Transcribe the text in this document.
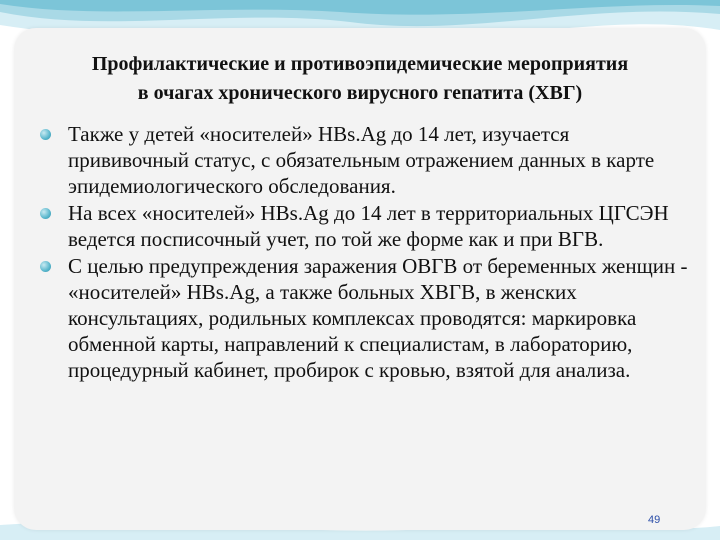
Профилактические и противоэпидемические мероприятия
в очагах хронического вирусного гепатита (ХВГ)
Также у детей «носителей» HBs.Ag до 14 лет, изучается прививочный статус, с обязательным отражением данных в карте эпидемиологического обследования.
На всех «носителей» HBs.Ag до 14 лет в территориальных ЦГСЭН ведется посписочный учет, по той же форме как и при ВГВ.
С целью предупреждения заражения ОВГВ от беременных женщин - «носителей» HBs.Ag, а также больных ХВГВ, в женских консультациях, родильных комплексах проводятся: маркировка обменной карты, направлений к специалистам, в лабораторию, процедурный кабинет, пробирок с кровью, взятой для анализа.
49
